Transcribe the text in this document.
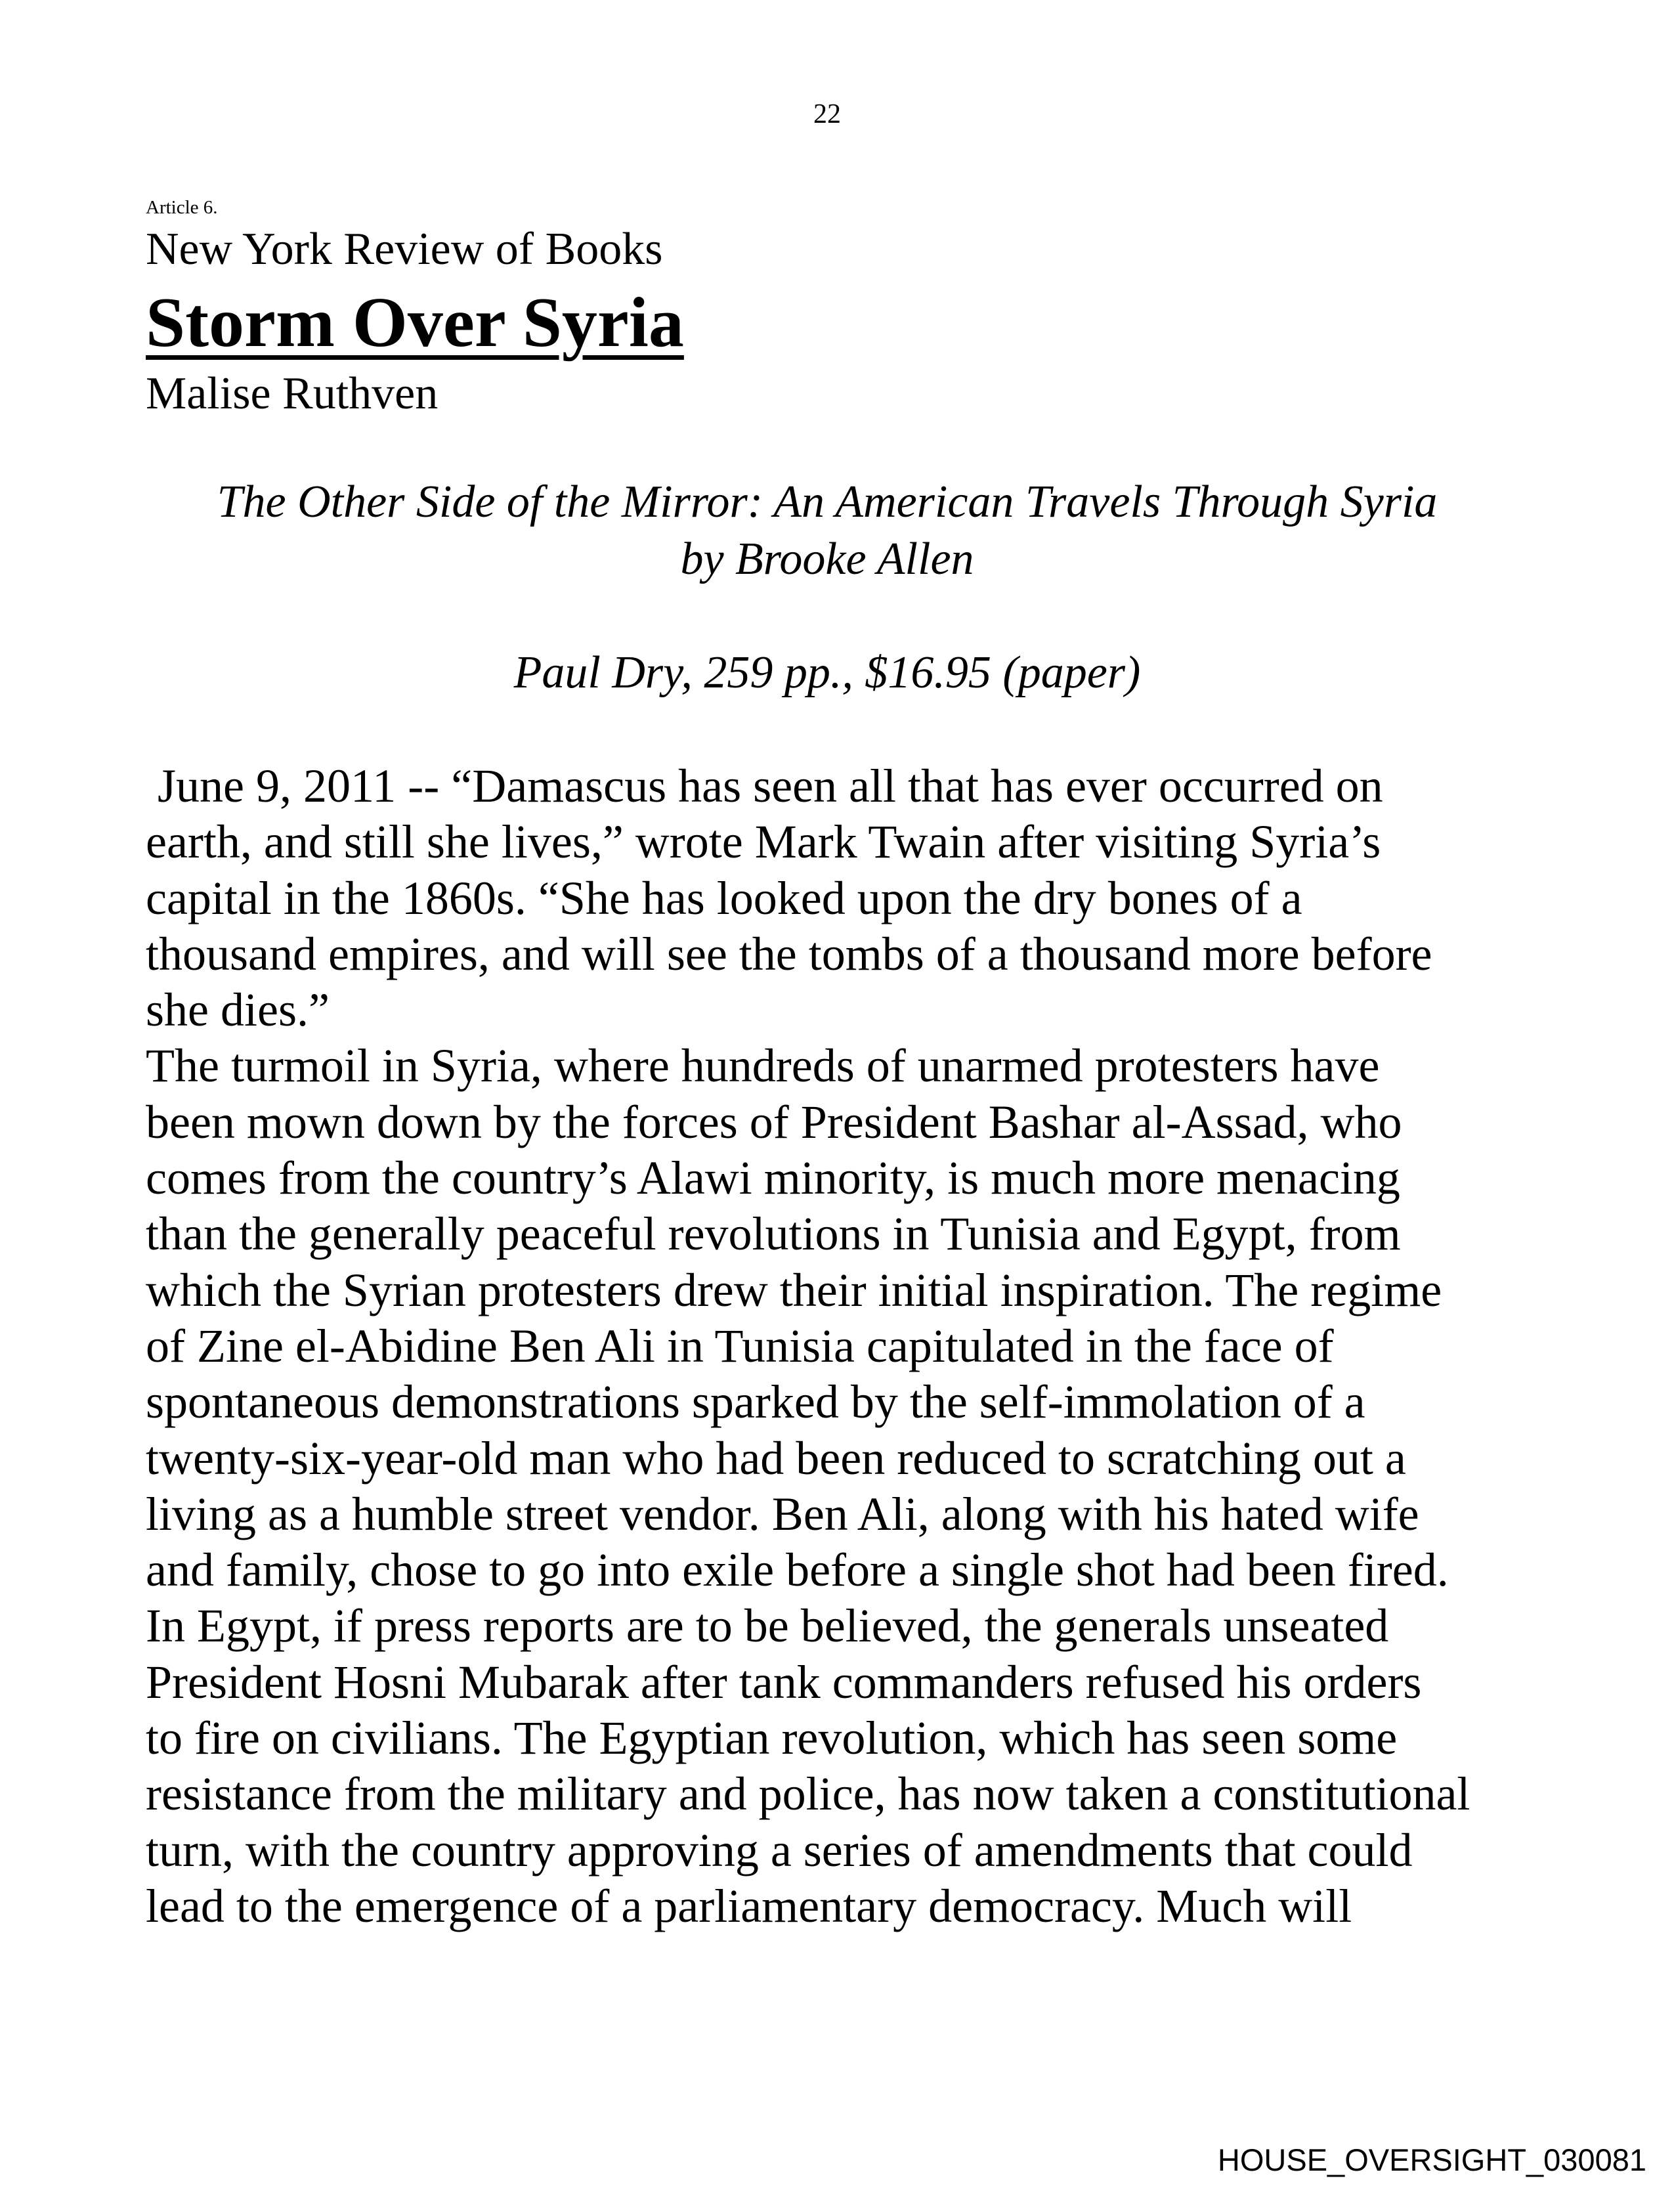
22
Article 6.
New York Review of Books
Storm Over Syria
Malise Ruthven
The Other Side of the Mirror: An American Travels Through Syria
by Brooke Allen
Paul Dry, 259 pp., $16.95 (paper)
June 9, 2011 -- “Damascus has seen all that has ever occurred on
earth, and still she lives,” wrote Mark Twain after visiting Syria’s
capital in the 1860s. “She has looked upon the dry bones of a
thousand empires, and will see the tombs of a thousand more before
she dies.”
The turmoil in Syria, where hundreds of unarmed protesters have
been mown down by the forces of President Bashar al-Assad, who
comes from the country’s Alawi minority, is much more menacing
than the generally peaceful revolutions in Tunisia and Egypt, from
which the Syrian protesters drew their initial inspiration. The regime
of Zine el-Abidine Ben Ali in Tunisia capitulated in the face of
spontaneous demonstrations sparked by the self-immolation of a
twenty-six-year-old man who had been reduced to scratching out a
living as a humble street vendor. Ben Ali, along with his hated wife
and family, chose to go into exile before a single shot had been fired.
In Egypt, if press reports are to be believed, the generals unseated
President Hosni Mubarak after tank commanders refused his orders
to fire on civilians. The Egyptian revolution, which has seen some
resistance from the military and police, has now taken a constitutional
turn, with the country approving a series of amendments that could
lead to the emergence of a parliamentary democracy. Much will
HOUSE_OVERSIGHT_030081
